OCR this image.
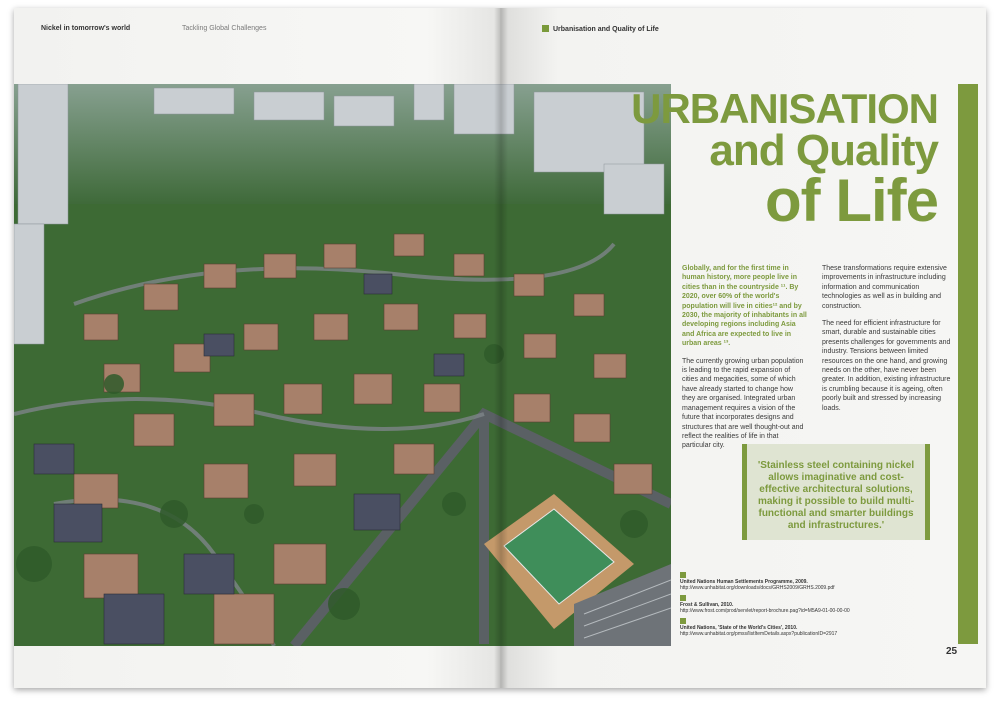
Nickel in tomorrow's world	Tackling Global Challenges	Urbanisation and Quality of Life
URBANISATION
and Quality
of Life

Globally, and for the first time in human history, more people live in cities than in the countryside ¹¹. By 2020, over 60% of the world's population will live in cities¹² and by 2030, the majority of inhabitants in all developing regions including Asia and Africa are expected to live in urban areas ¹³.

The currently growing urban population is leading to the rapid expansion of cities and megacities, some of which have already started to change how they are organised. Integrated urban management requires a vision of the future that incorporates designs and structures that are well thought-out and reflect the realities of life in that particular city.

These transformations require extensive improvements in infrastructure including information and communication technologies as well as in building and construction.

The need for efficient infrastructure for smart, durable and sustainable cities presents challenges for governments and industry. Tensions between limited resources on the one hand, and growing needs on the other, have never been greater. In addition, existing infrastructure is crumbling because it is ageing, often poorly built and stressed by increasing loads.

'Stainless steel containing nickel allows imaginative and cost-effective architectural solutions, making it possible to build multi-functional and smarter buildings and infrastructures.'
United Nations Human Settlements Programme, 2009.
http://www.unhabitat.org/downloads/docs/GRHS2009/GRHS.2009.pdf
Frost & Sullivan, 2010.
http://www.frost.com/prod/servlet/report-brochure.pag?id=M5A9-01-00-00-00
United Nations, 'State of the World's Cities', 2010.
http://www.unhabitat.org/pmss/listItemDetails.aspx?publicationID=2917
25
